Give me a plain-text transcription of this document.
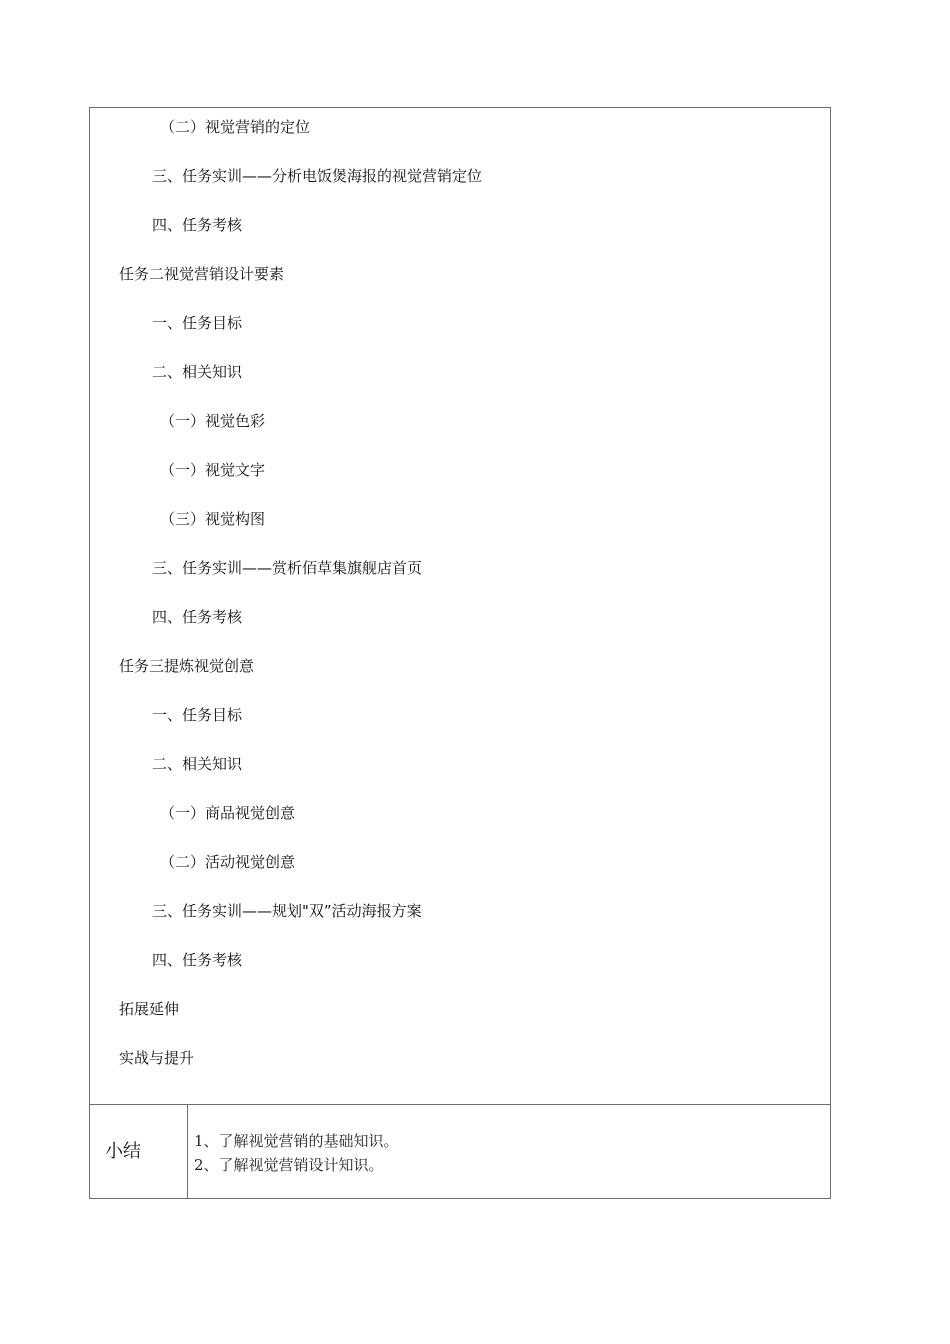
（二）视觉营销的定位
三、任务实训——分析电饭煲海报的视觉营销定位
四、任务考核
任务二视觉营销设计要素
一、任务目标
二、相关知识
（一）视觉色彩
（一）视觉文字
（三）视觉构图
三、任务实训——赏析佰草集旗舰店首页
四、任务考核
任务三提炼视觉创意
一、任务目标
二、相关知识
（一）商品视觉创意
（二）活动视觉创意
三、任务实训——规划"双”活动海报方案
四、任务考核
拓展延伸
实战与提升
小结	1、了解视觉营销的基础知识。
2、了解视觉营销设计知识。
